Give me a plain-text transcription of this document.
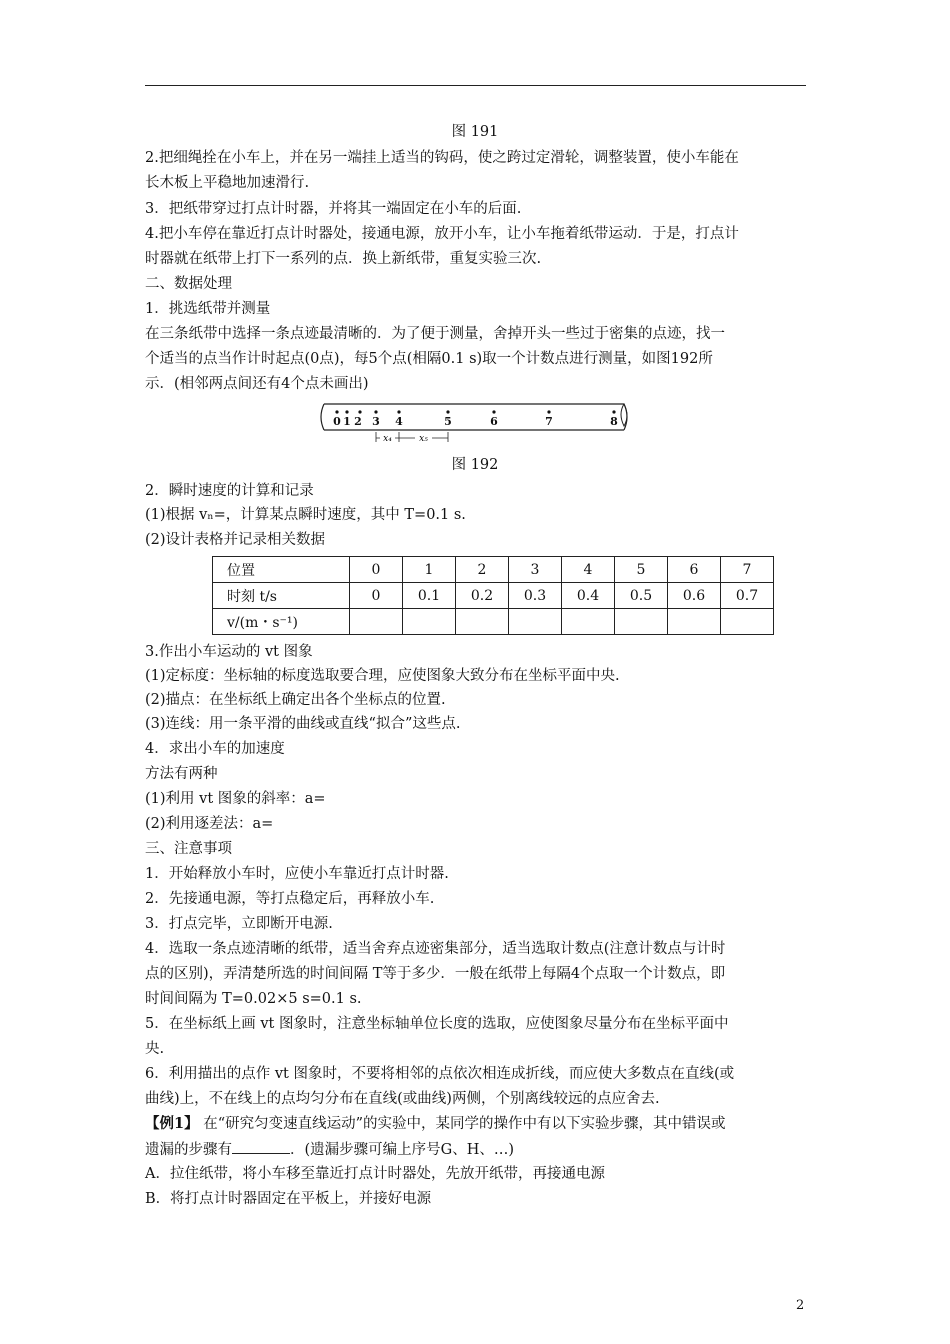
图 191
2.把细绳拴在小车上，并在另一端挂上适当的钩码，使之跨过定滑轮，调整装置，使小车能在
长木板上平稳地加速滑行.
3．把纸带穿过打点计时器，并将其一端固定在小车的后面.
4.把小车停在靠近打点计时器处，接通电源，放开小车，让小车拖着纸带运动．于是，打点计
时器就在纸带上打下一系列的点．换上新纸带，重复实验三次.
二、数据处理
1．挑选纸带并测量
在三条纸带中选择一条点迹最清晰的．为了便于测量，舍掉开头一些过于密集的点迹，找一
个适当的点当作计时起点(0点)，每5个点(相隔0.1 s)取一个计数点进行测量，如图192所
示．(相邻两点间还有4个点未画出)
0 1 2 3 4	5	6	7	8
x₄	x₅
图 192
2．瞬时速度的计算和记录
(1)根据 vₙ=，计算某点瞬时速度，其中 T=0.1 s.
(2)设计表格并记录相关数据
位置	0	1	2	3	4	5	6	7
时刻 t/s	0	0.1	0.2	0.3	0.4	0.5	0.6	0.7
v/(m・s⁻¹)								
3.作出小车运动的 vt 图象
(1)定标度：坐标轴的标度选取要合理，应使图象大致分布在坐标平面中央.
(2)描点：在坐标纸上确定出各个坐标点的位置.
(3)连线：用一条平滑的曲线或直线“拟合”这些点.
4．求出小车的加速度
方法有两种
(1)利用 vt 图象的斜率：a=
(2)利用逐差法：a=
三、注意事项
1．开始释放小车时，应使小车靠近打点计时器.
2．先接通电源，等打点稳定后，再释放小车.
3．打点完毕，立即断开电源.
4．选取一条点迹清晰的纸带，适当舍弃点迹密集部分，适当选取计数点(注意计数点与计时
点的区别)，弄清楚所选的时间间隔 T等于多少．一般在纸带上每隔4个点取一个计数点，即
时间间隔为 T=0.02×5 s=0.1 s.
5．在坐标纸上画 vt 图象时，注意坐标轴单位长度的选取，应使图象尽量分布在坐标平面中
央.
6．利用描出的点作 vt 图象时，不要将相邻的点依次相连成折线，而应使大多数点在直线(或
曲线)上，不在线上的点均匀分布在直线(或曲线)两侧，个别离线较远的点应舍去.
【例1】 在“研究匀变速直线运动”的实验中，某同学的操作中有以下实验步骤，其中错误或
遗漏的步骤有	．(遗漏步骤可编上序号G、H、…)
A．拉住纸带，将小车移至靠近打点计时器处，先放开纸带，再接通电源
B．将打点计时器固定在平板上，并接好电源
2
